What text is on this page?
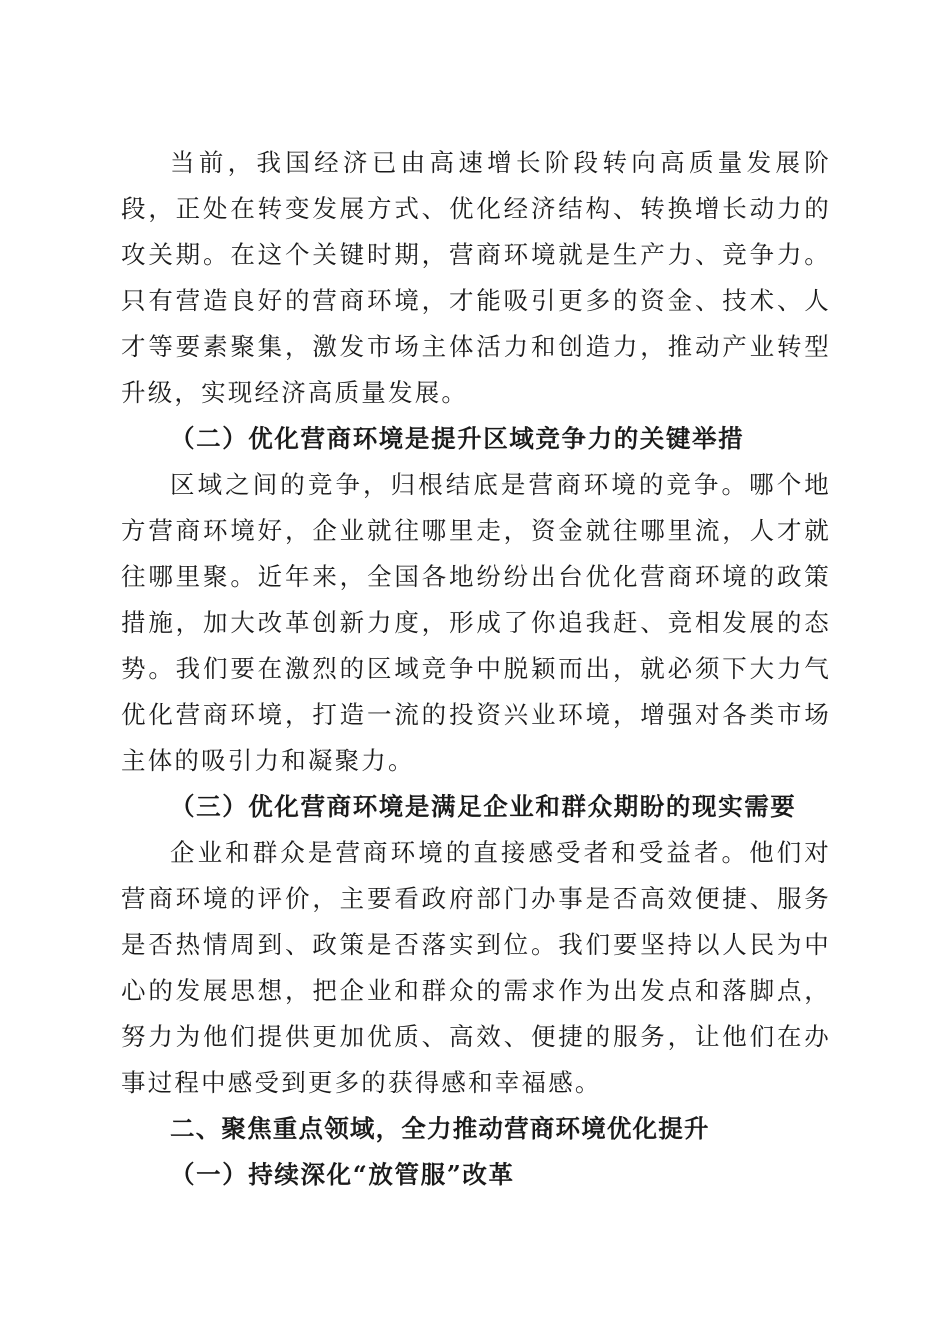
当前，我国经济已由高速增长阶段转向高质量发展阶段，正处在转变发展方式、优化经济结构、转换增长动力的攻关期。在这个关键时期，营商环境就是生产力、竞争力。只有营造良好的营商环境，才能吸引更多的资金、技术、人才等要素聚集，激发市场主体活力和创造力，推动产业转型升级，实现经济高质量发展。

（二）优化营商环境是提升区域竞争力的关键举措

区域之间的竞争，归根结底是营商环境的竞争。哪个地方营商环境好，企业就往哪里走，资金就往哪里流，人才就往哪里聚。近年来，全国各地纷纷出台优化营商环境的政策措施，加大改革创新力度，形成了你追我赶、竞相发展的态势。我们要在激烈的区域竞争中脱颖而出，就必须下大力气优化营商环境，打造一流的投资兴业环境，增强对各类市场主体的吸引力和凝聚力。

（三）优化营商环境是满足企业和群众期盼的现实需要

企业和群众是营商环境的直接感受者和受益者。他们对营商环境的评价，主要看政府部门办事是否高效便捷、服务是否热情周到、政策是否落实到位。我们要坚持以人民为中心的发展思想，把企业和群众的需求作为出发点和落脚点，努力为他们提供更加优质、高效、便捷的服务，让他们在办事过程中感受到更多的获得感和幸福感。

二、聚焦重点领域，全力推动营商环境优化提升

（一）持续深化“放管服”改革
